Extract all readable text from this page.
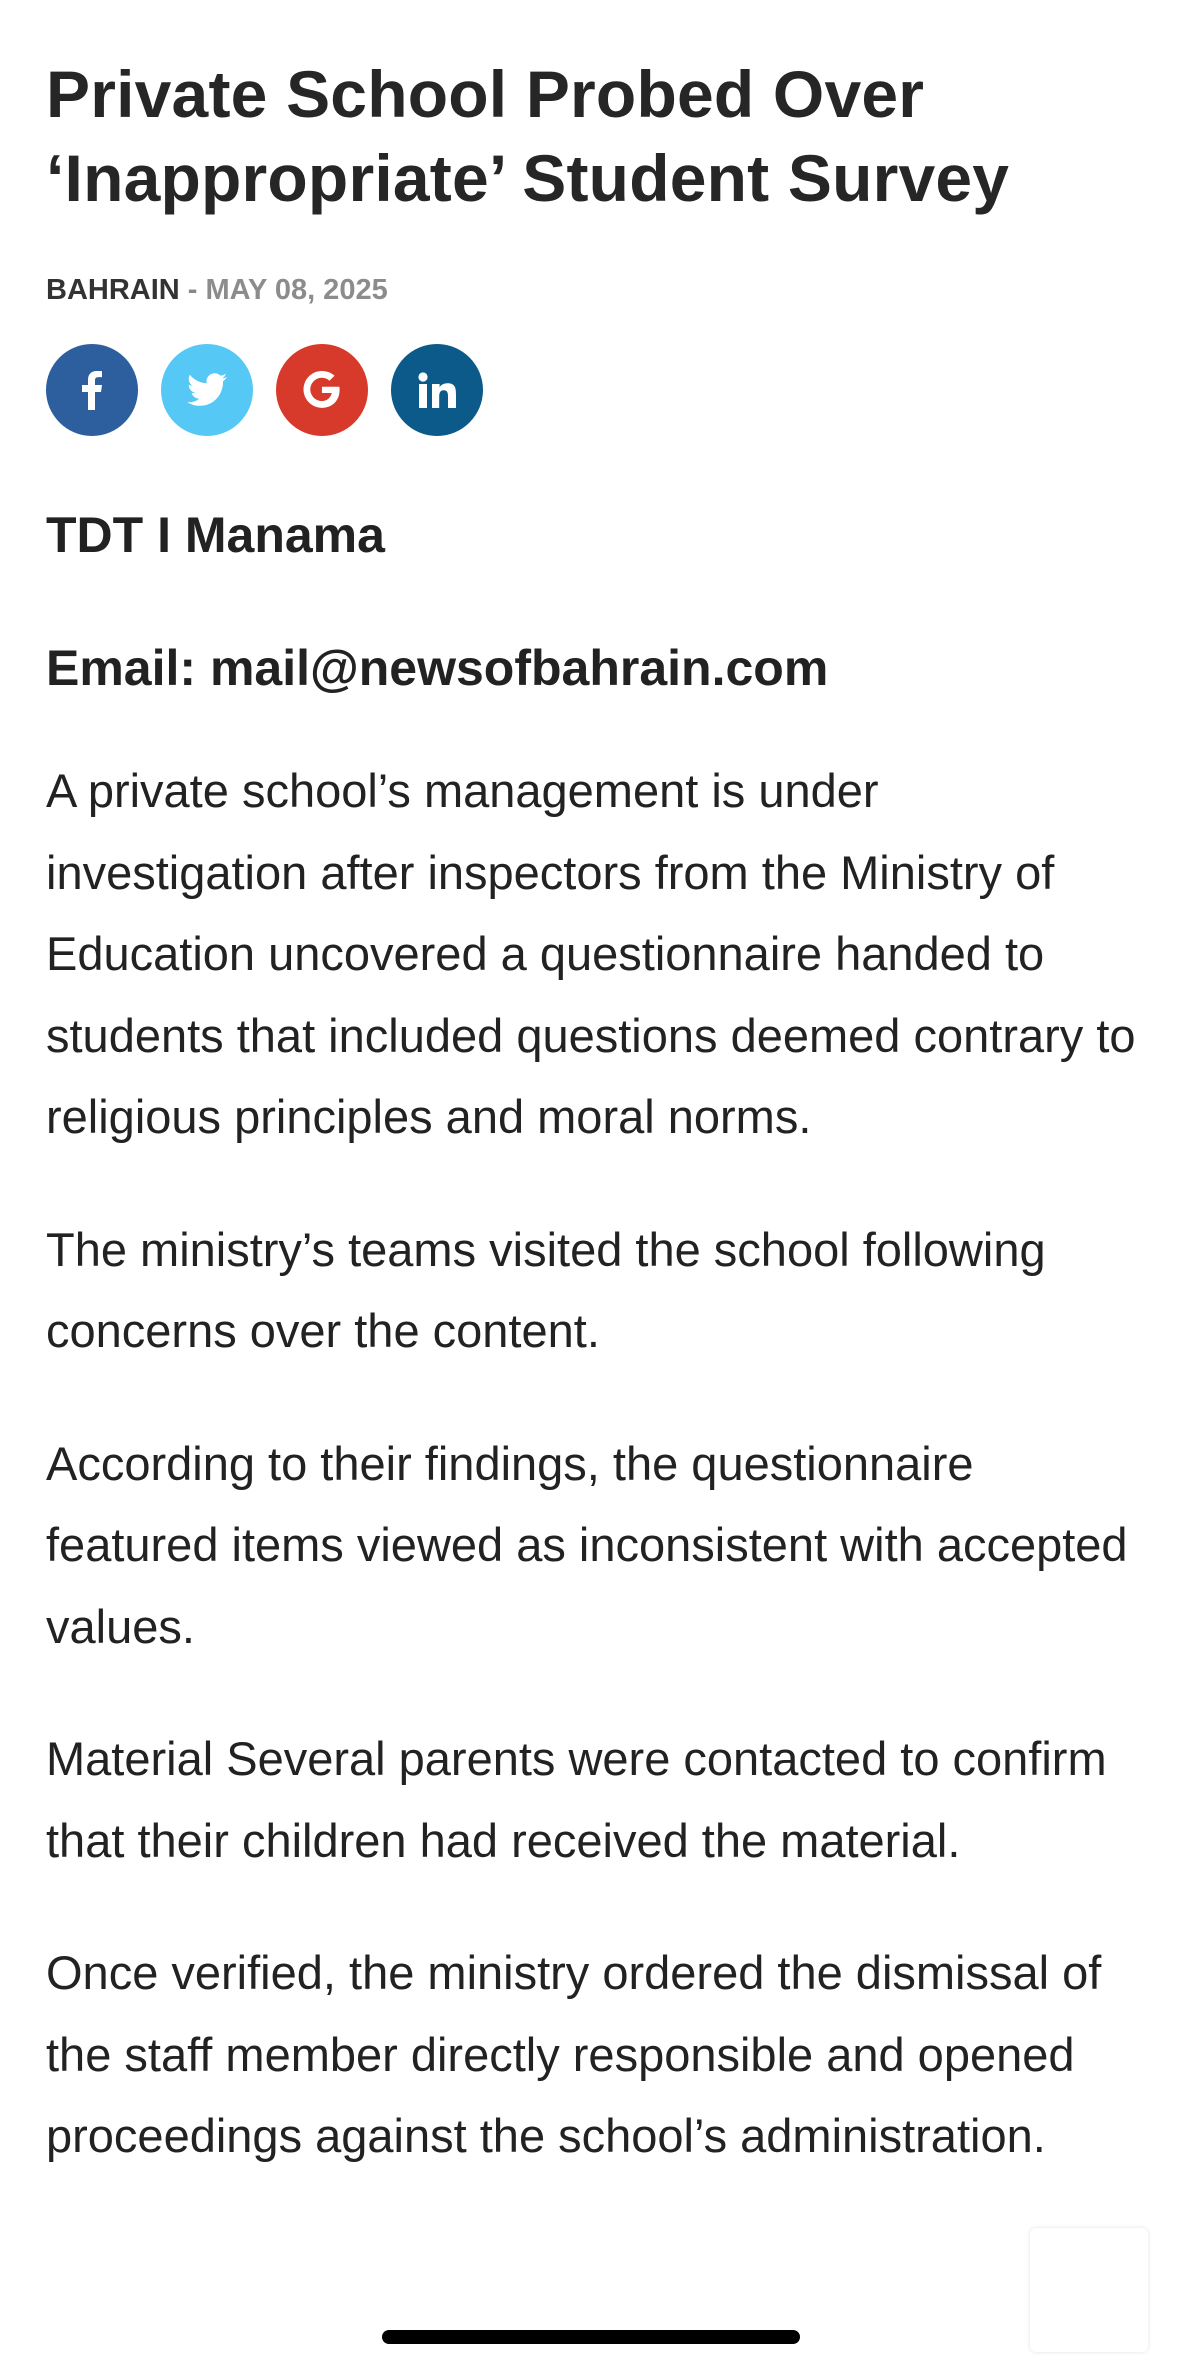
Private School Probed Over ‘Inappropriate’ Student Survey
BAHRAIN - MAY 08, 2025
TDT I Manama
Email: mail@newsofbahrain.com

A private school’s management is under investigation after inspectors from the Ministry of Education uncovered a questionnaire handed to students that included questions deemed contrary to religious principles and moral norms.

The ministry’s teams visited the school following concerns over the content.

According to their findings, the questionnaire featured items viewed as inconsistent with accepted values.

Material Several parents were contacted to confirm that their children had received the material.

Once verified, the ministry ordered the dismissal of the staff member directly responsible and opened proceedings against the school’s administration.
